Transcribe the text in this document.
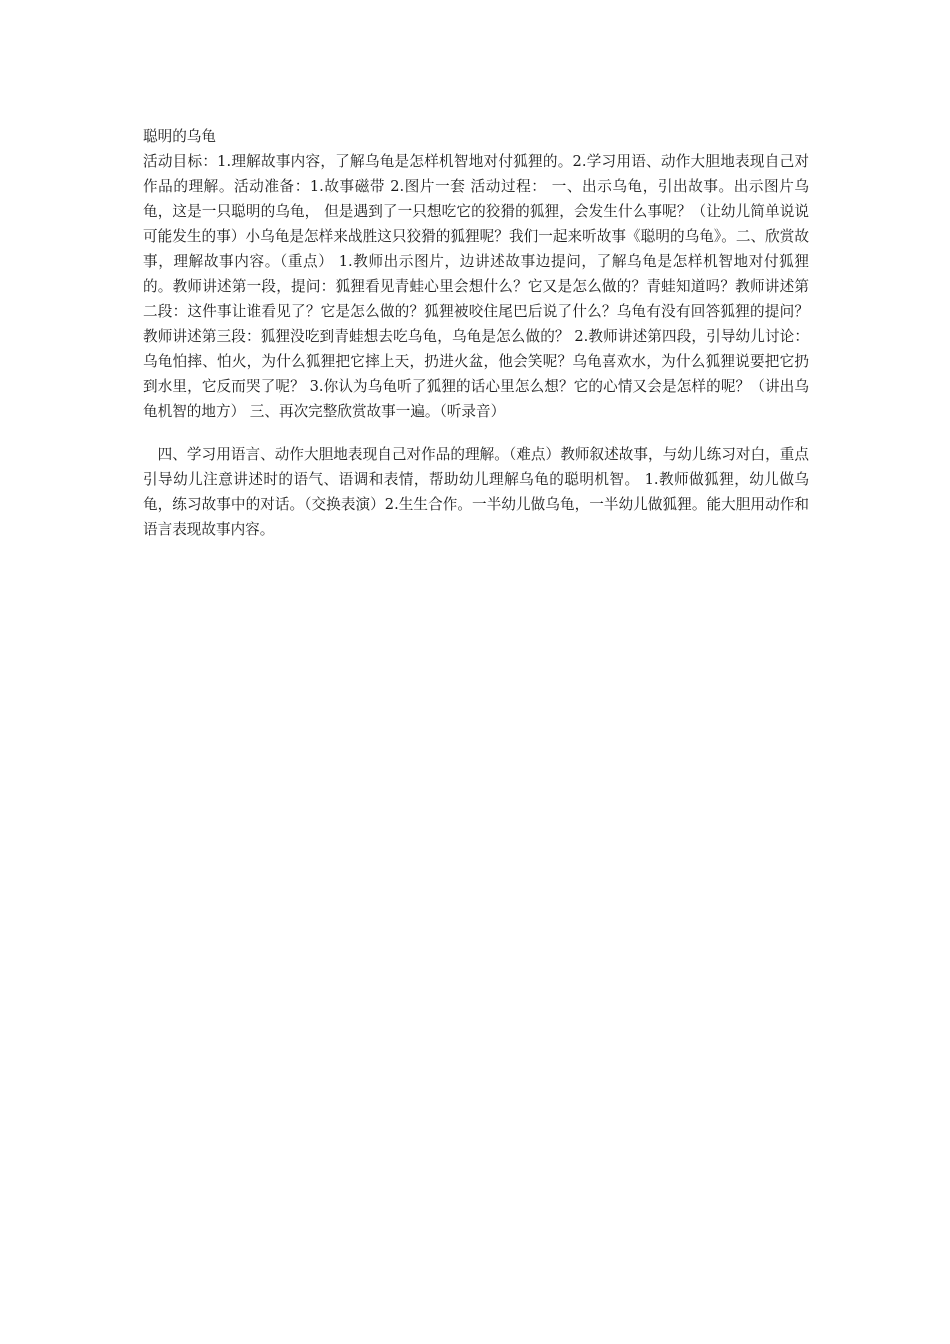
聪明的乌龟

活动目标：1.理解故事内容，了解乌龟是怎样机智地对付狐狸的。2.学习用语、动作大胆地表现自己对作品的理解。活动准备：1.故事磁带 2.图片一套 活动过程： 一、出示乌龟，引出故事。出示图片乌龟，这是一只聪明的乌龟， 但是遇到了一只想吃它的狡猾的狐狸，会发生什么事呢？（让幼儿简单说说可能发生的事）小乌龟是怎样来战胜这只狡猾的狐狸呢？我们一起来听故事《聪明的乌龟》。二、欣赏故事，理解故事内容。（重点） 1.教师出示图片，边讲述故事边提问，了解乌龟是怎样机智地对付狐狸的。教师讲述第一段，提问：狐狸看见青蛙心里会想什么？它又是怎么做的？青蛙知道吗？教师讲述第二段：这件事让谁看见了？它是怎么做的？狐狸被咬住尾巴后说了什么？乌龟有没有回答狐狸的提问？教师讲述第三段：狐狸没吃到青蛙想去吃乌龟，乌龟是怎么做的？ 2.教师讲述第四段，引导幼儿讨论：乌龟怕摔、怕火，为什么狐狸把它摔上天，扔进火盆，他会笑呢？乌龟喜欢水，为什么狐狸说要把它扔到水里，它反而哭了呢？ 3.你认为乌龟听了狐狸的话心里怎么想？它的心情又会是怎样的呢？（讲出乌龟机智的地方） 三、再次完整欣赏故事一遍。（听录音）

　四、学习用语言、动作大胆地表现自己对作品的理解。（难点）教师叙述故事，与幼儿练习对白，重点引导幼儿注意讲述时的语气、语调和表情，帮助幼儿理解乌龟的聪明机智。 1.教师做狐狸，幼儿做乌龟，练习故事中的对话。（交换表演）2.生生合作。一半幼儿做乌龟，一半幼儿做狐狸。能大胆用动作和语言表现故事内容。
